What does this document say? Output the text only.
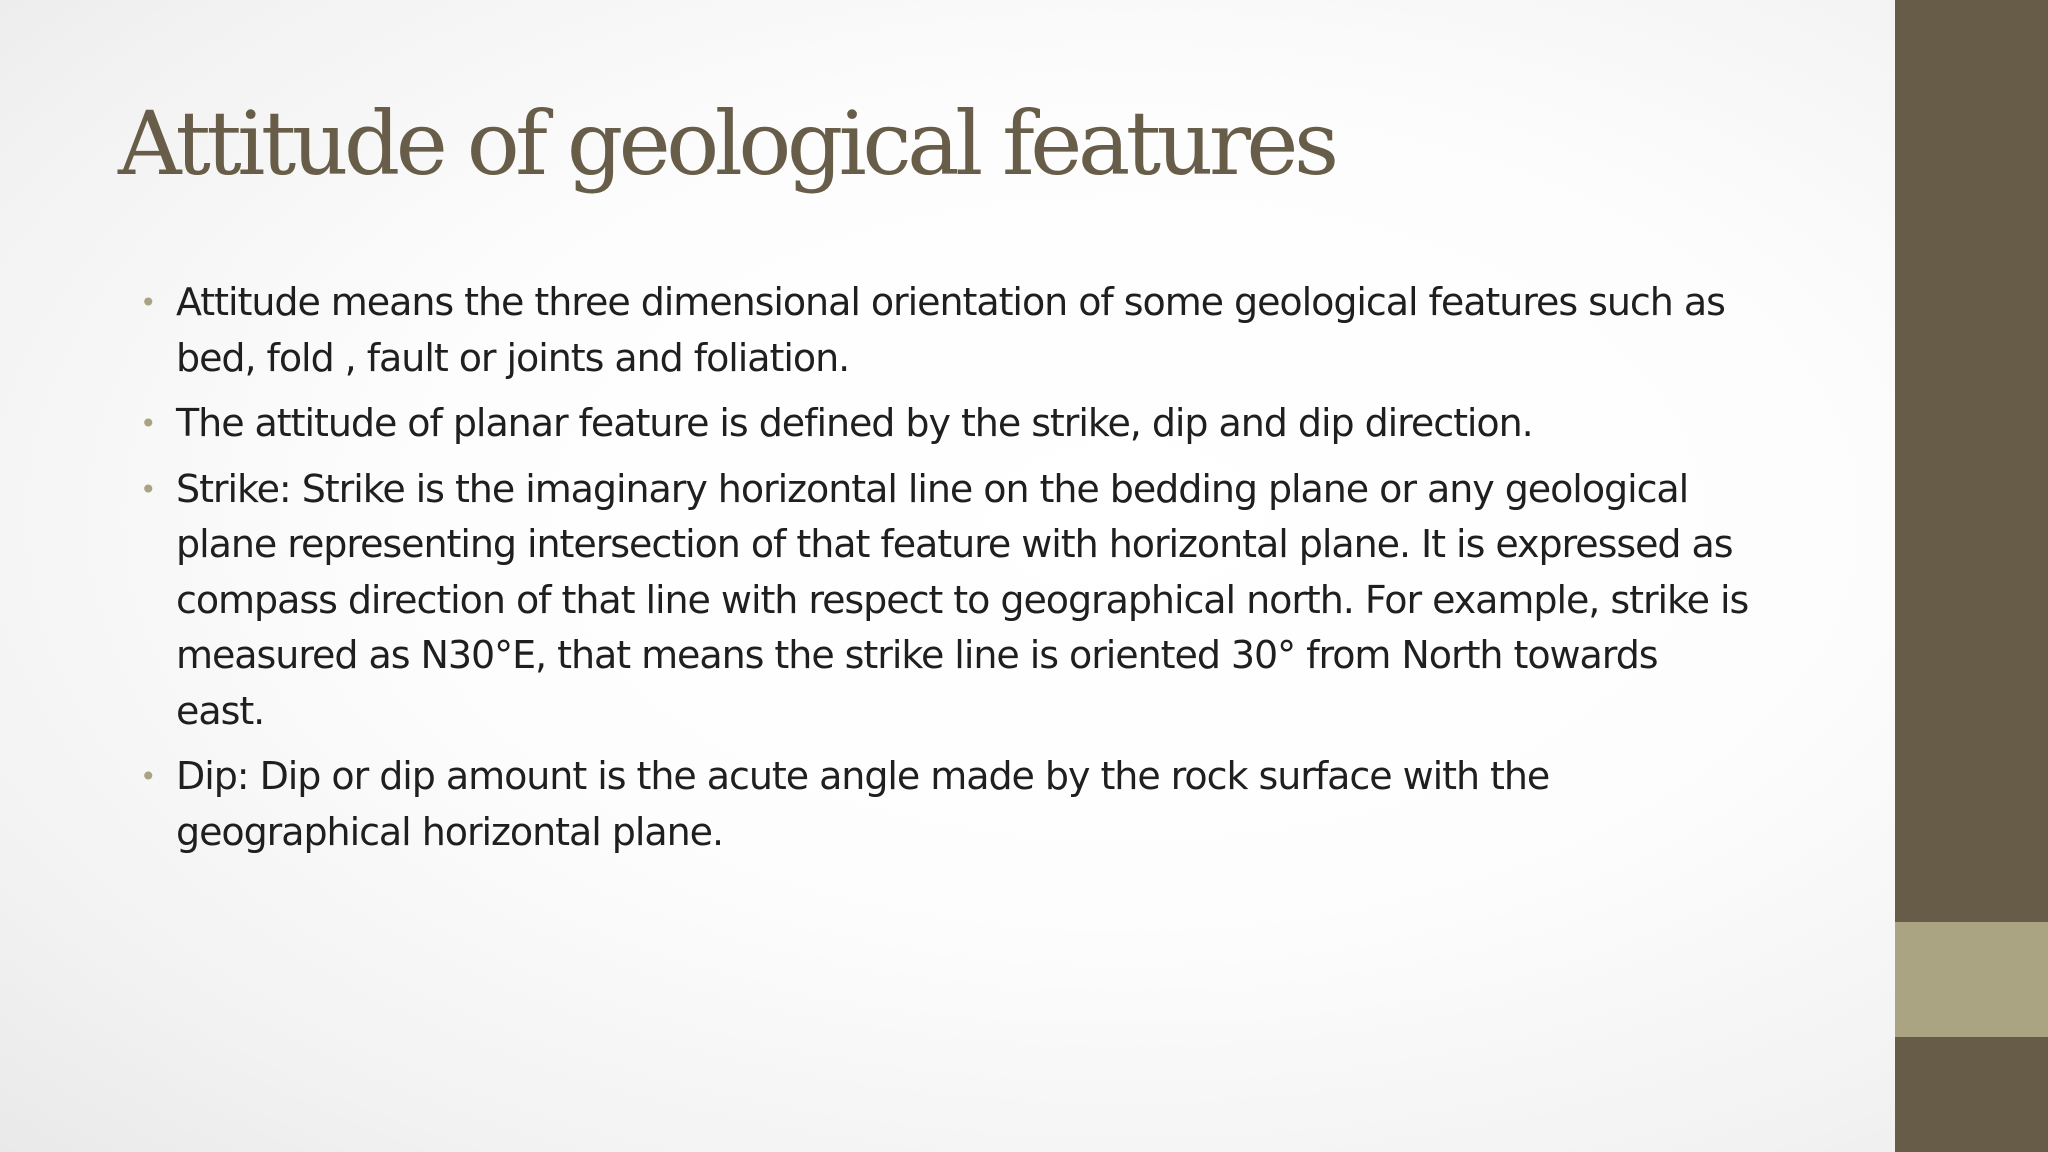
Attitude of geological features
• Attitude means the three dimensional orientation of some geological features such as bed, fold , fault or joints and foliation.
• The attitude of planar feature is defined by the strike, dip and dip direction.
• Strike: Strike is the imaginary horizontal line on the bedding plane or any geological plane representing intersection of that feature with horizontal plane. It is expressed as compass direction of that line with respect to geographical north. For example, strike is measured as N30°E, that means the strike line is oriented 30° from North towards east.
• Dip: Dip or dip amount is the acute angle made by the rock surface with the geographical horizontal plane.
